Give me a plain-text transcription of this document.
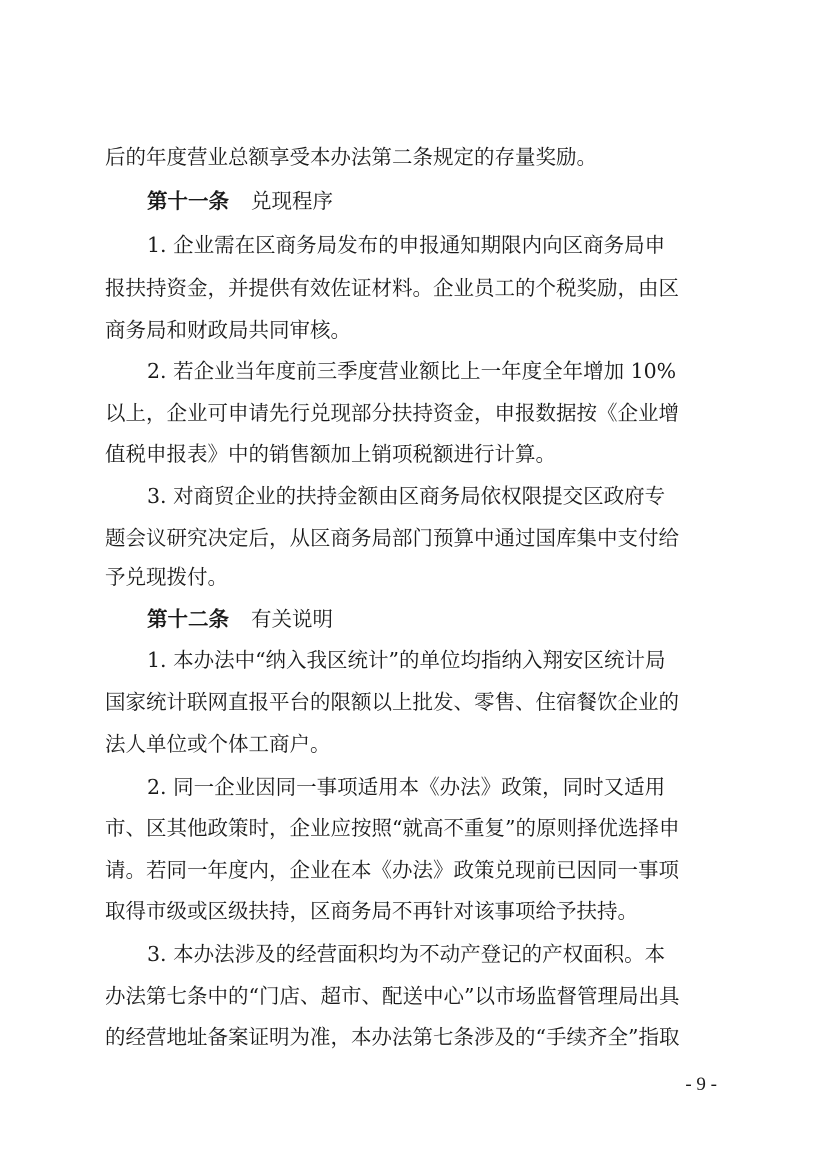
后的年度营业总额享受本办法第二条规定的存量奖励。
第十一条 兑现程序
1. 企业需在区商务局发布的申报通知期限内向区商务局申
报扶持资金，并提供有效佐证材料。企业员工的个税奖励，由区
商务局和财政局共同审核。
2. 若企业当年度前三季度营业额比上一年度全年增加 10%
以上，企业可申请先行兑现部分扶持资金，申报数据按《企业增
值税申报表》中的销售额加上销项税额进行计算。
3. 对商贸企业的扶持金额由区商务局依权限提交区政府专
题会议研究决定后，从区商务局部门预算中通过国库集中支付给
予兑现拨付。
第十二条 有关说明
1. 本办法中“纳入我区统计”的单位均指纳入翔安区统计局
国家统计联网直报平台的限额以上批发、零售、住宿餐饮企业的
法人单位或个体工商户。
2. 同一企业因同一事项适用本《办法》政策，同时又适用
市、区其他政策时，企业应按照“就高不重复”的原则择优选择申
请。若同一年度内，企业在本《办法》政策兑现前已因同一事项
取得市级或区级扶持，区商务局不再针对该事项给予扶持。
3. 本办法涉及的经营面积均为不动产登记的产权面积。本
办法第七条中的“门店、超市、配送中心”以市场监督管理局出具
的经营地址备案证明为准，本办法第七条涉及的“手续齐全”指取
- 9 -
